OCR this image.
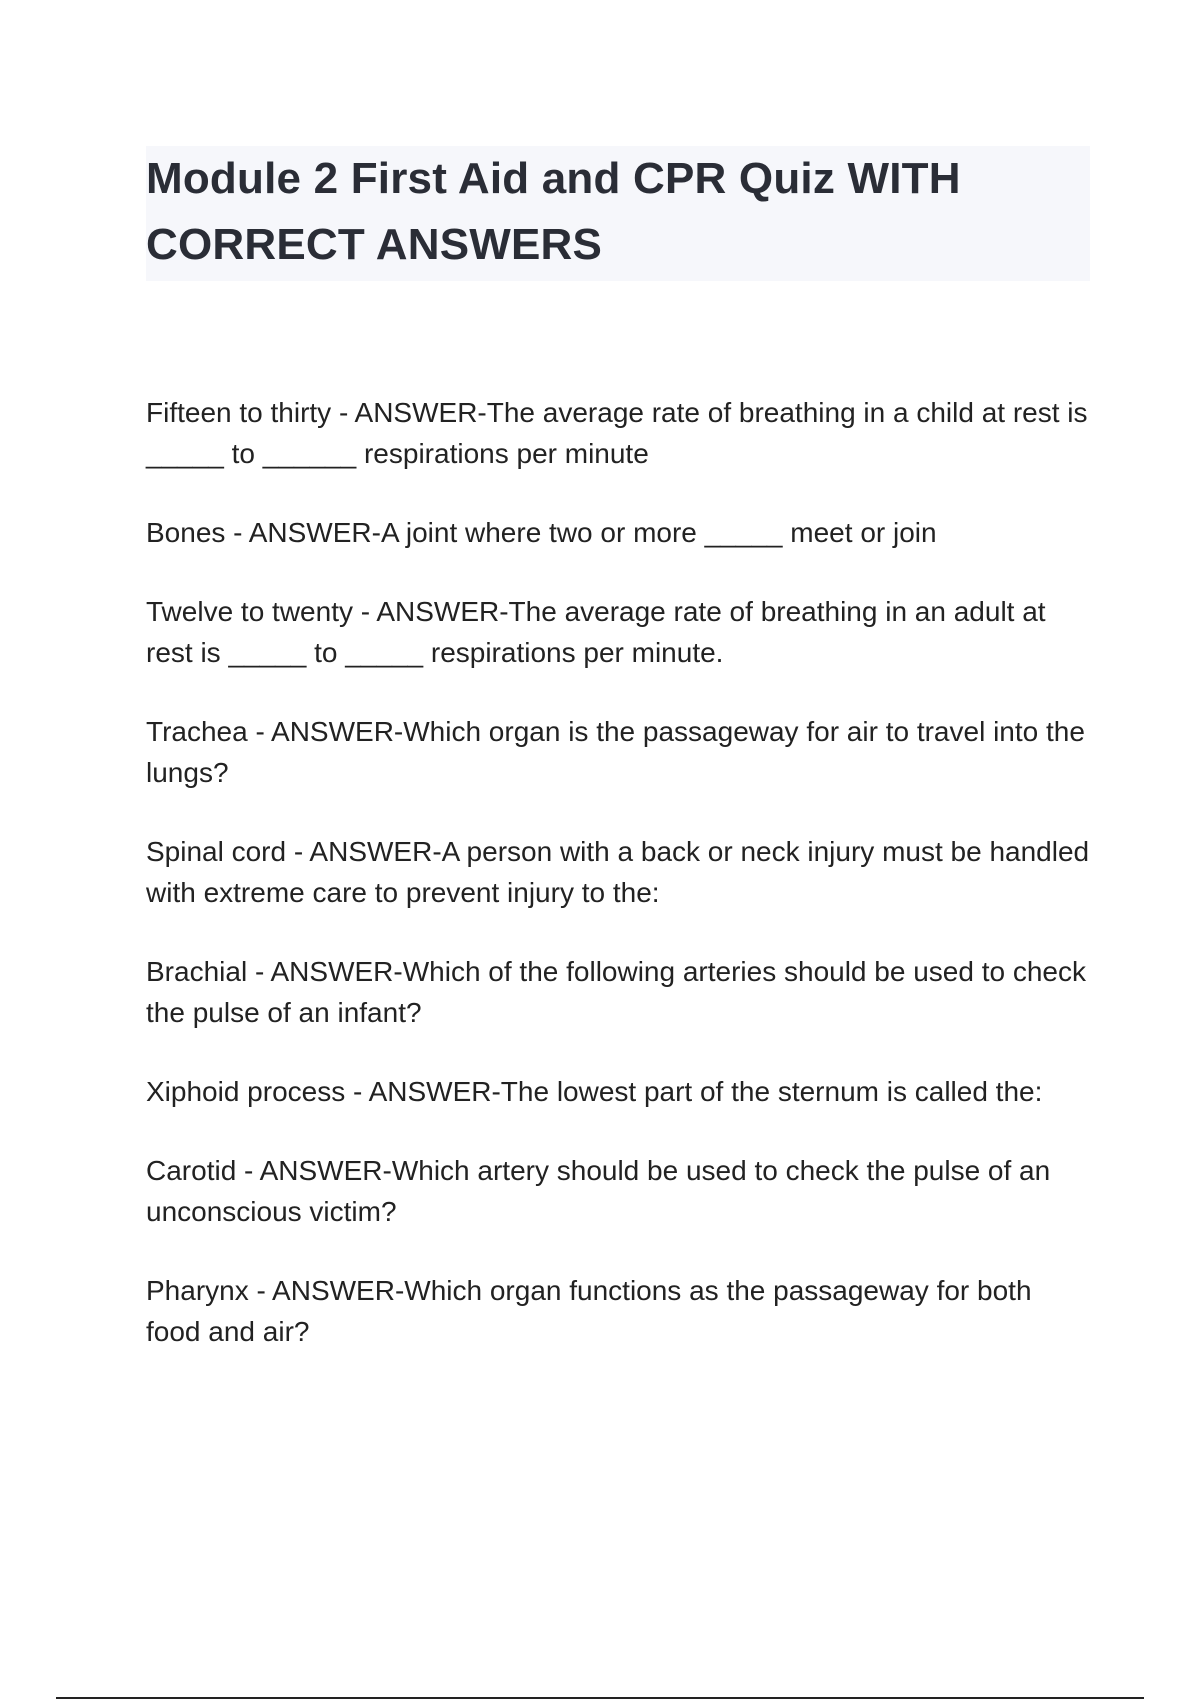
Module 2 First Aid and CPR Quiz WITH CORRECT ANSWERS
Fifteen to thirty - ANSWER-The average rate of breathing in a child at rest is _____ to ______ respirations per minute
Bones - ANSWER-A joint where two or more _____ meet or join
Twelve to twenty - ANSWER-The average rate of breathing in an adult at rest is _____ to _____ respirations per minute.
Trachea - ANSWER-Which organ is the passageway for air to travel into the lungs?
Spinal cord - ANSWER-A person with a back or neck injury must be handled with extreme care to prevent injury to the:
Brachial - ANSWER-Which of the following arteries should be used to check the pulse of an infant?
Xiphoid process - ANSWER-The lowest part of the sternum is called the:
Carotid - ANSWER-Which artery should be used to check the pulse of an unconscious victim?
Pharynx - ANSWER-Which organ functions as the passageway for both food and air?
